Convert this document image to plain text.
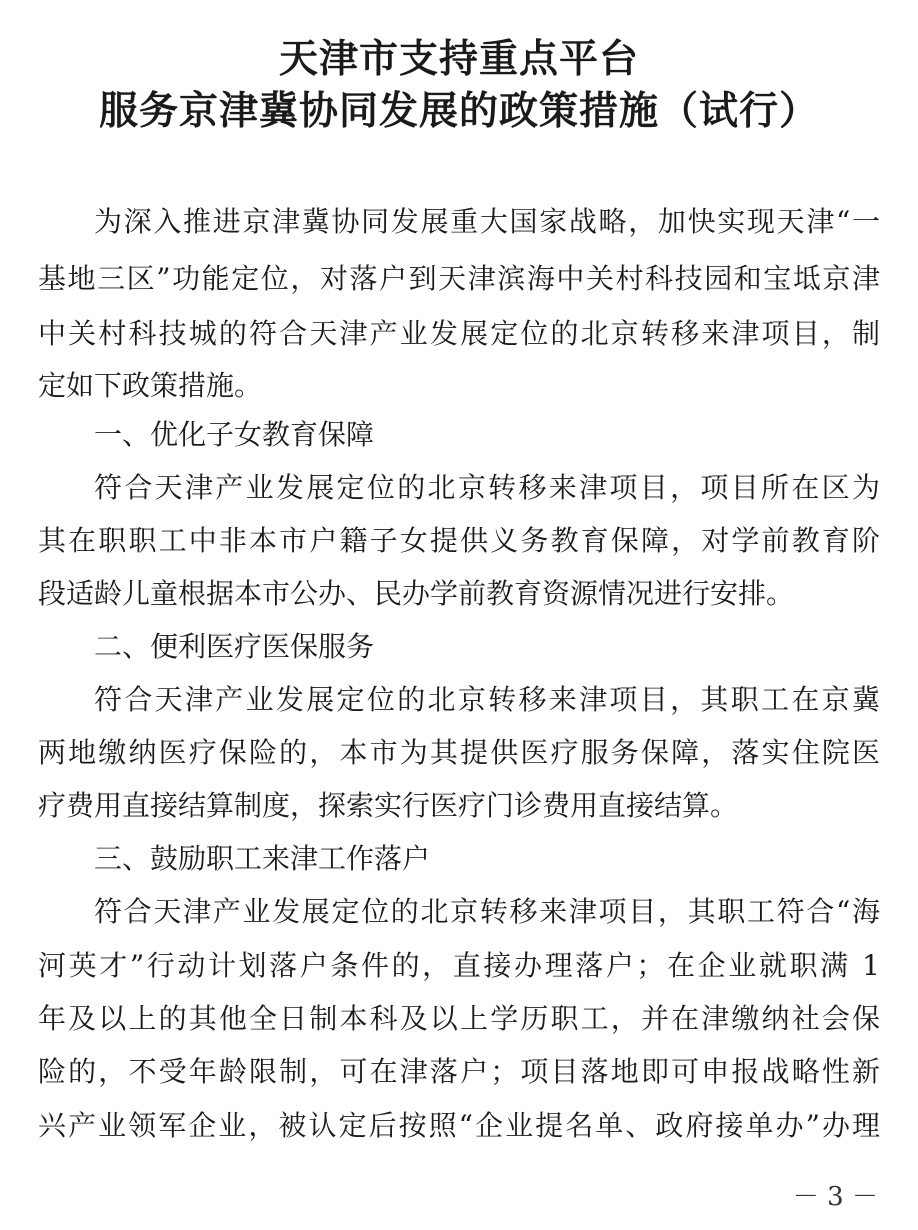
天津市支持重点平台
服务京津冀协同发展的政策措施（试行）
为深入推进京津冀协同发展重大国家战略，加快实现天津“一
基地三区”功能定位，对落户到天津滨海中关村科技园和宝坻京津
中关村科技城的符合天津产业发展定位的北京转移来津项目，制
定如下政策措施。
一、优化子女教育保障
符合天津产业发展定位的北京转移来津项目，项目所在区为
其在职职工中非本市户籍子女提供义务教育保障，对学前教育阶
段适龄儿童根据本市公办、民办学前教育资源情况进行安排。
二、便利医疗医保服务
符合天津产业发展定位的北京转移来津项目，其职工在京冀
两地缴纳医疗保险的，本市为其提供医疗服务保障，落实住院医
疗费用直接结算制度，探索实行医疗门诊费用直接结算。
三、鼓励职工来津工作落户
符合天津产业发展定位的北京转移来津项目，其职工符合“海
河英才”行动计划落户条件的，直接办理落户；在企业就职满 1
年及以上的其他全日制本科及以上学历职工，并在津缴纳社会保
险的，不受年龄限制，可在津落户；项目落地即可申报战略性新
兴产业领军企业，被认定后按照“企业提名单、政府接单办”办理
－ 3 －
